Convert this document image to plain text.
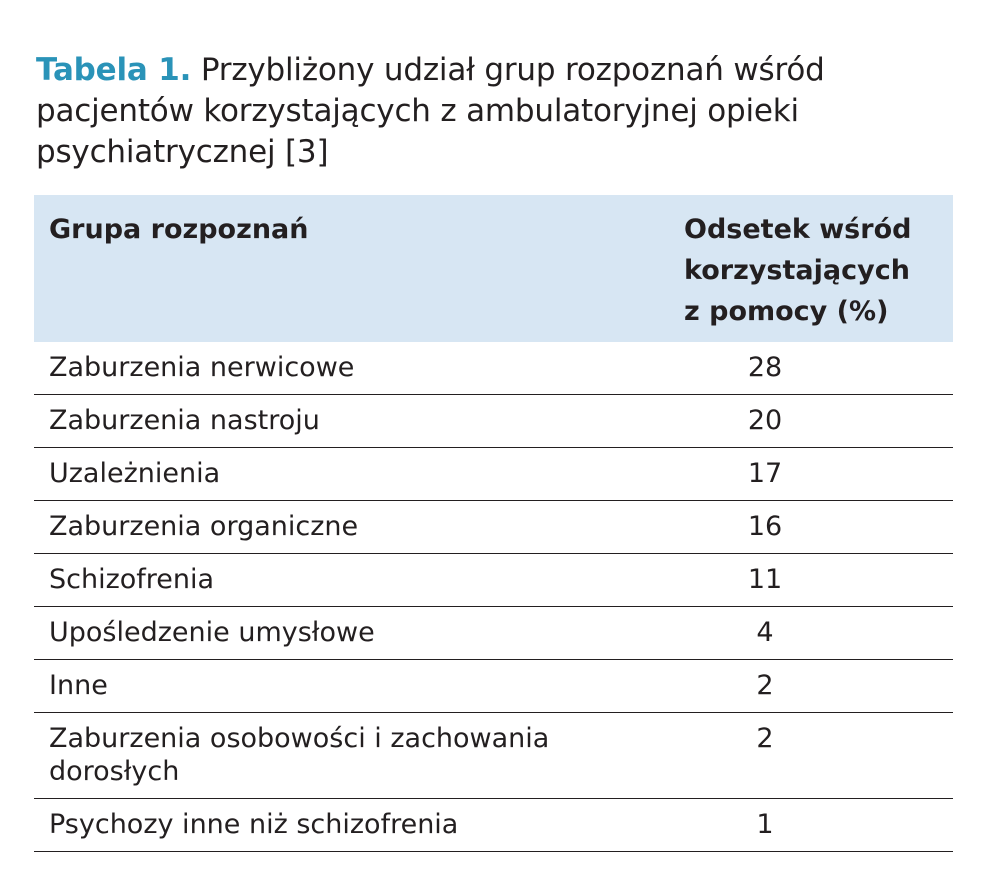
Tabela 1. Przybliżony udział grup rozpoznań wśród pacjentów korzystających z ambulatoryjnej opieki psychiatrycznej [3]
Grupa rozpoznań	Odsetek wśród
korzystających
z pomocy (%)

Zaburzenia nerwicowe	28

Zaburzenia nastroju	20

Uzależnienia	17

Zaburzenia organiczne	16

Schizofrenia	11

Upośledzenie umysłowe	4

Inne	2

Zaburzenia osobowości i zachowania dorosłych	2

Psychozy inne niż schizofrenia	1
